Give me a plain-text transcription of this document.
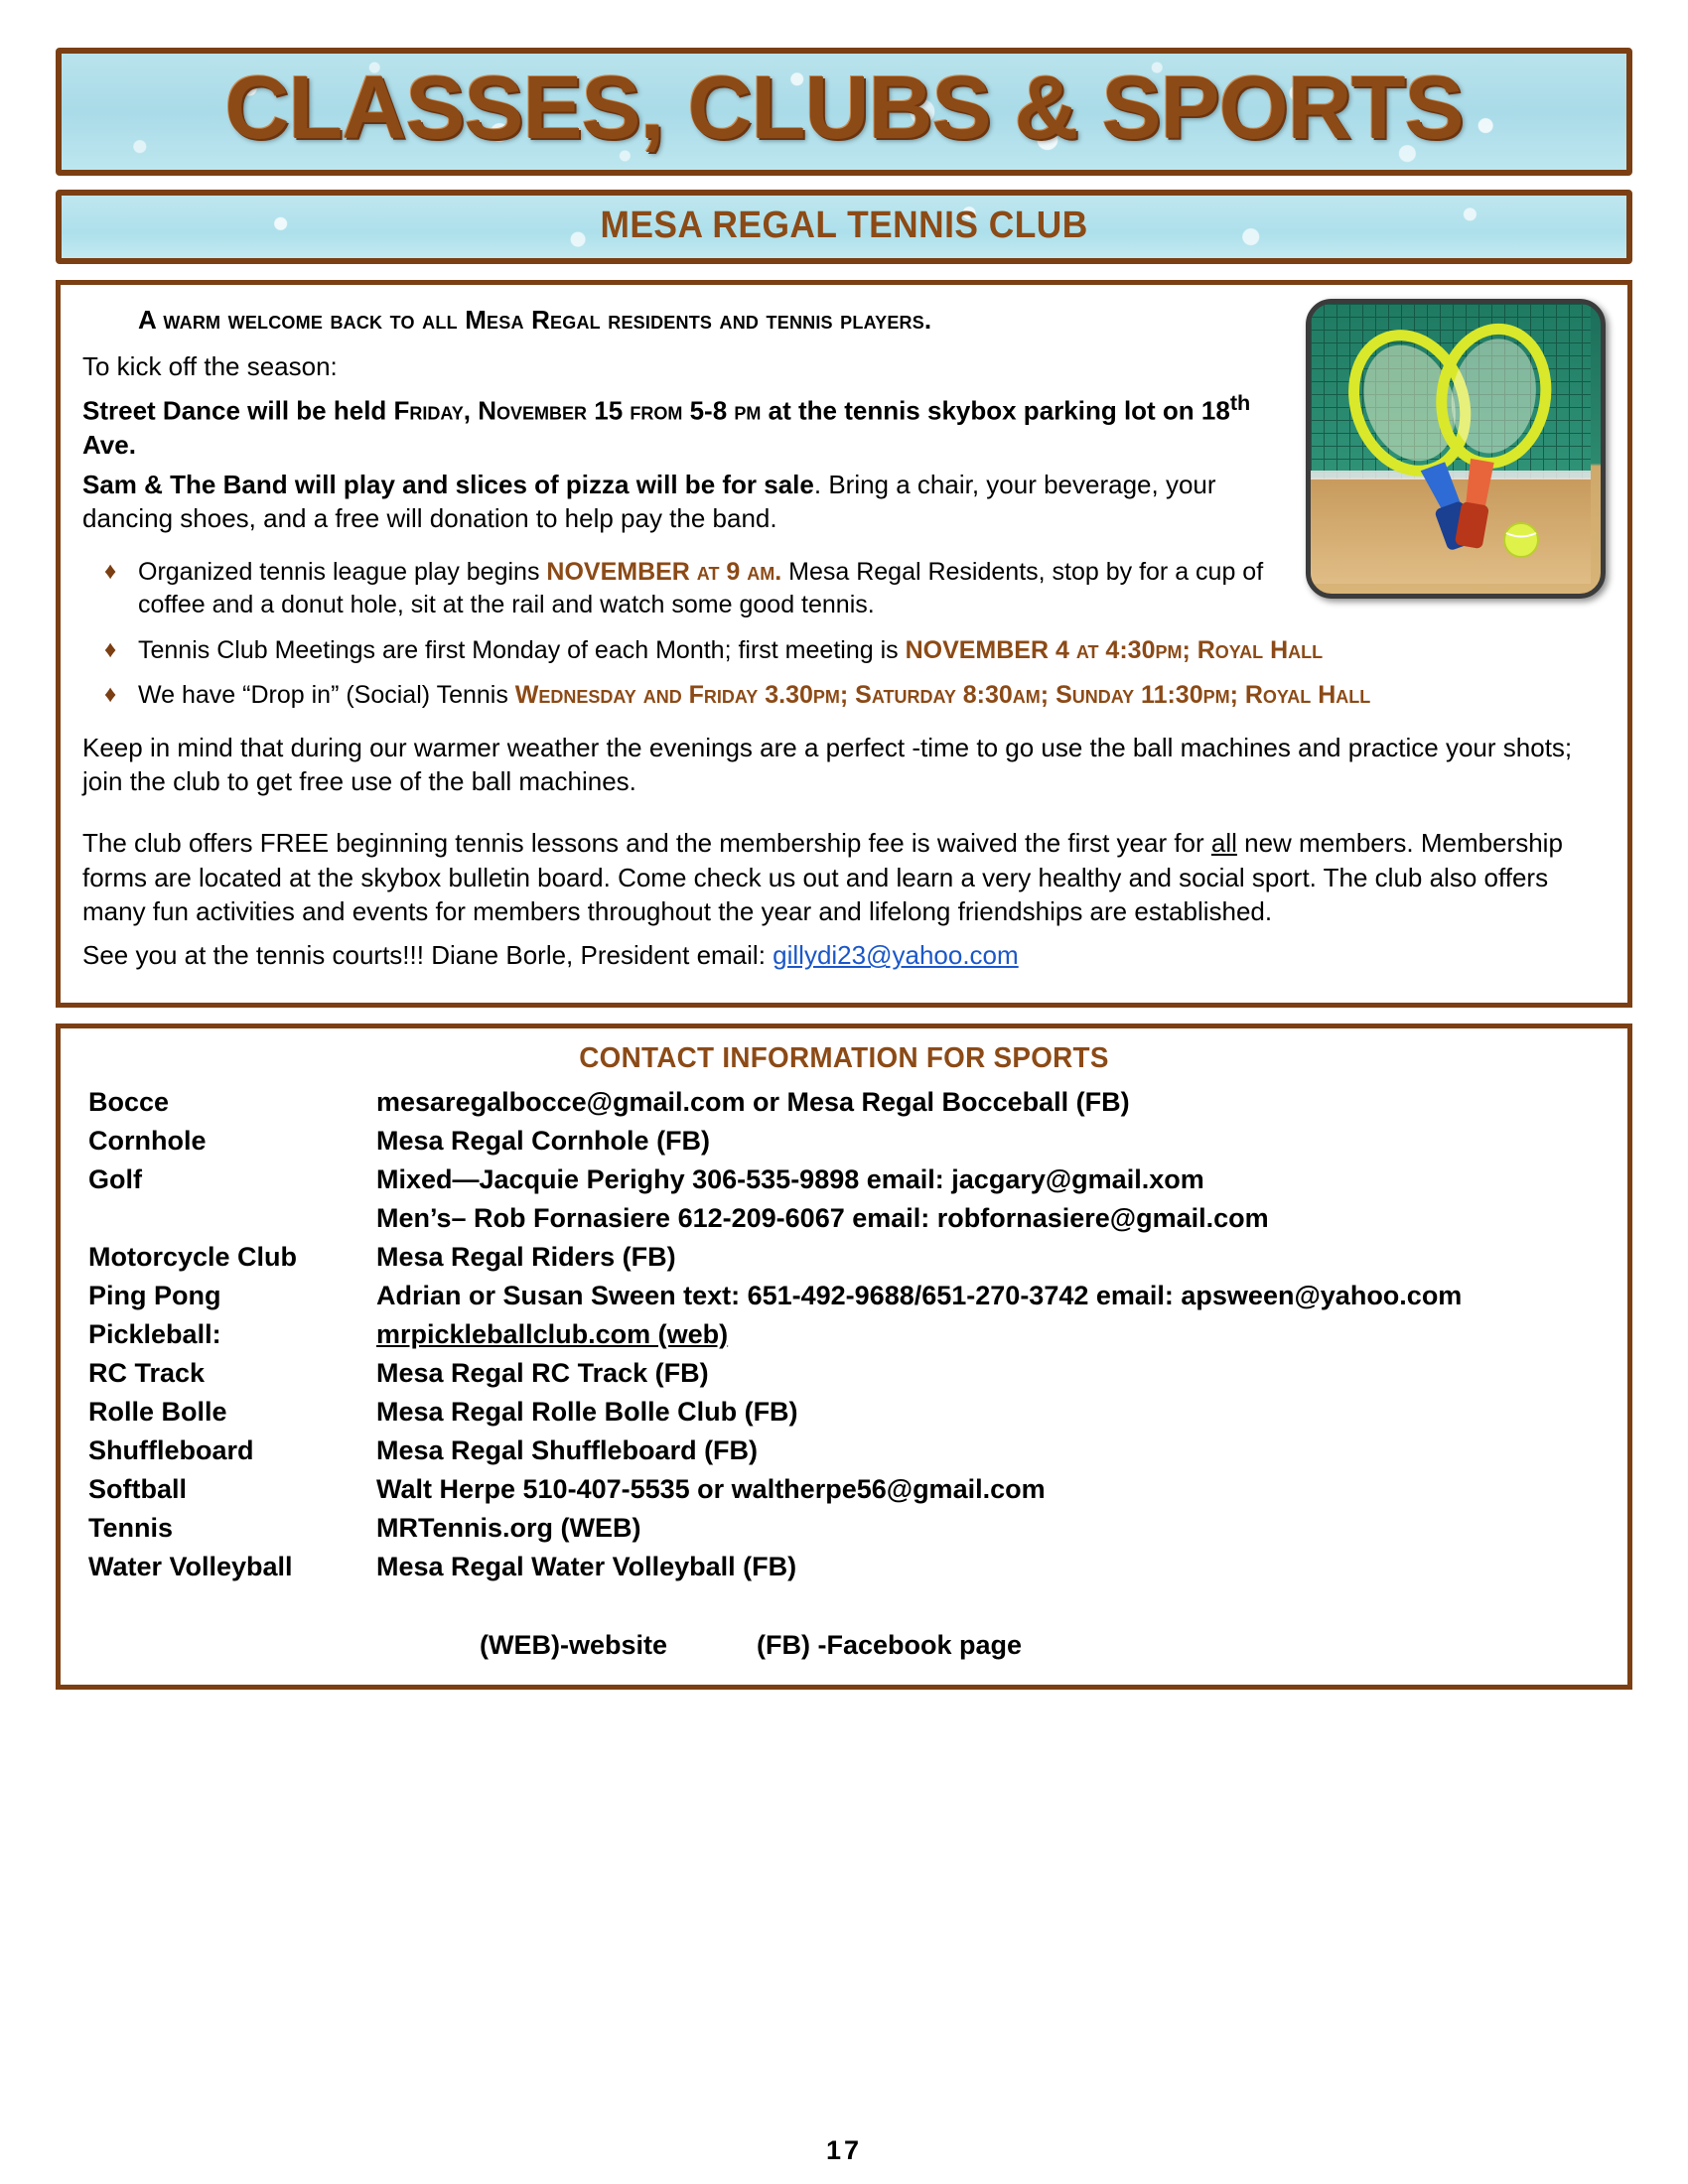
CLASSES, CLUBS & SPORTS
MESA REGAL TENNIS CLUB
A warm welcome back to all Mesa Regal residents and tennis players.
To kick off the season:
Street Dance will be held Friday, November 15 from 5-8 pm at the tennis skybox parking lot on 18th Ave.
Sam & The Band will play and slices of pizza will be for sale. Bring a chair, your beverage, your dancing shoes, and a free will donation to help pay the band.
♦ Organized tennis league play begins NOVEMBER at 9 am. Mesa Regal Residents, stop by for a cup of coffee and a donut hole, sit at the rail and watch some good tennis.
♦ Tennis Club Meetings are first Monday of each Month; first meeting is NOVEMBER 4 at 4:30pm; Royal Hall
♦ We have “Drop in” (Social) Tennis Wednesday and Friday 3.30pm; Saturday 8:30am; Sunday 11:30pm; Royal Hall
Keep in mind that during our warmer weather the evenings are a perfect -time to go use the ball machines and practice your shots; join the club to get free use of the ball machines.
The club offers FREE beginning tennis lessons and the membership fee is waived the first year for all new members. Membership forms are located at the skybox bulletin board. Come check us out and learn a very healthy and social sport. The club also offers many fun activities and events for members throughout the year and lifelong friendships are established.
See you at the tennis courts!!! Diane Borle, President email: gillydi23@yahoo.com
CONTACT INFORMATION FOR SPORTS
Bocce	mesaregalbocce@gmail.com or Mesa Regal Bocceball (FB)
Cornhole	Mesa Regal Cornhole (FB)
Golf	Mixed—Jacquie Perighy 306-535-9898 email: jacgary@gmail.xom
	Men’s– Rob Fornasiere 612-209-6067 email: robfornasiere@gmail.com
Motorcycle Club	Mesa Regal Riders (FB)
Ping Pong	Adrian or Susan Sween text: 651-492-9688/651-270-3742 email: apsween@yahoo.com
Pickleball:	mrpickleballclub.com (web)
RC Track	Mesa Regal RC Track (FB)
Rolle Bolle	Mesa Regal Rolle Bolle Club (FB)
Shuffleboard	Mesa Regal Shuffleboard (FB)
Softball	Walt Herpe 510-407-5535 or waltherpe56@gmail.com
Tennis	MRTennis.org (WEB)
Water Volleyball	Mesa Regal Water Volleyball (FB)
(WEB)-website	(FB) -Facebook page
17
